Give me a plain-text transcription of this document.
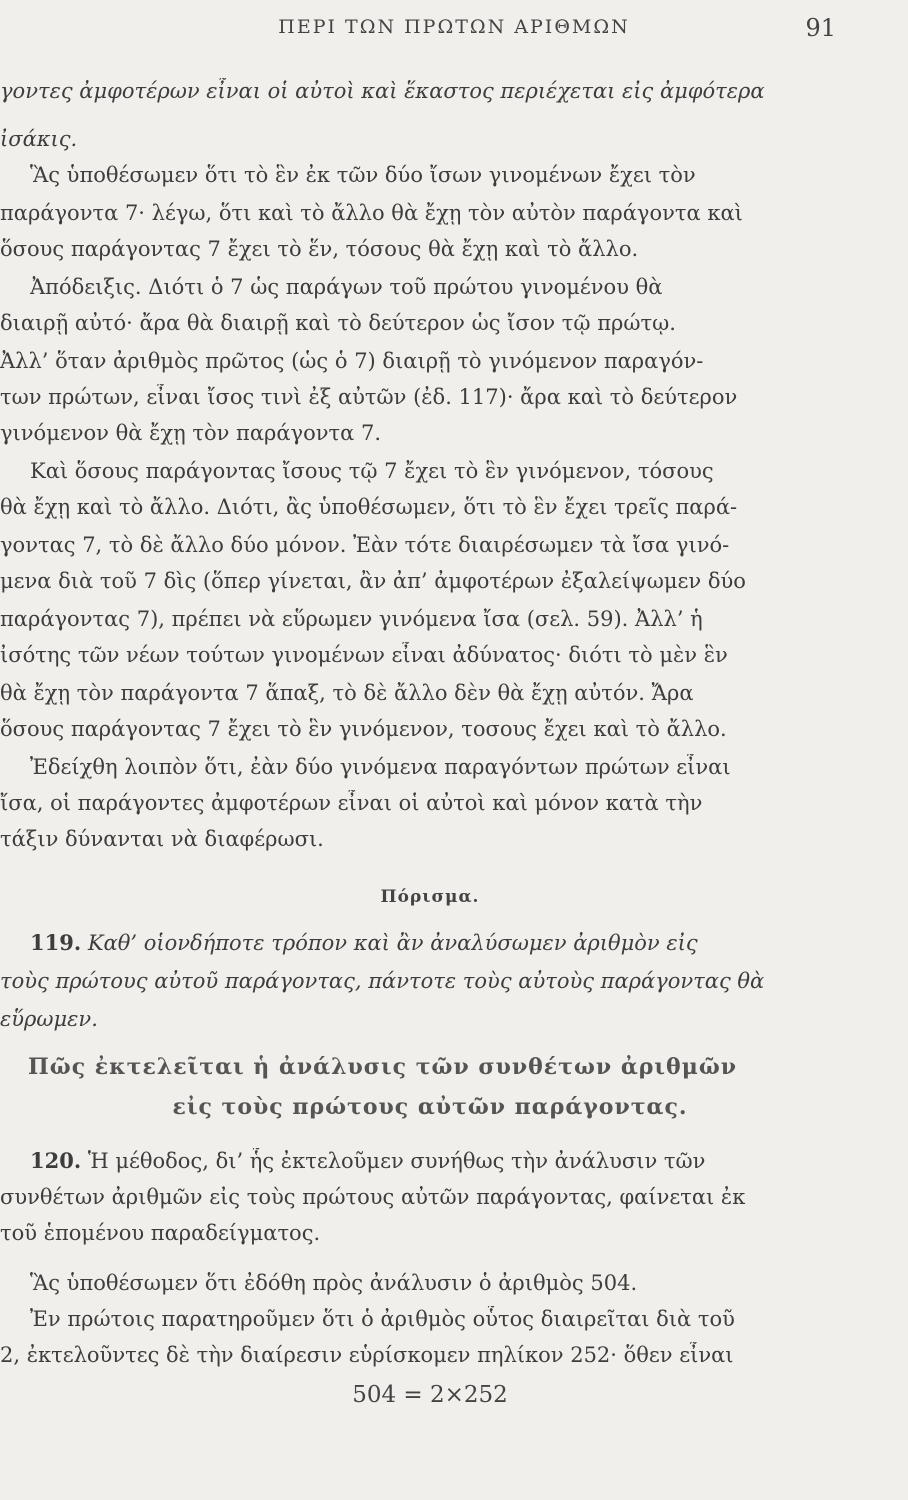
ΠΕΡΙ ΤΩΝ ΠΡΩΤΩΝ ΑΡΙΘΜΩΝ	91
γοντες ἀμφοτέρων εἶναι οἱ αὐτοὶ καὶ ἕκαστος περιέχεται εἰς ἀμφότερα
ἰσάκις.
Ἃς ὑποθέσωμεν ὅτι τὸ ἓν ἐκ τῶν δύο ἴσων γινομένων ἔχει τὸν
παράγοντα 7· λέγω, ὅτι καὶ τὸ ἄλλο θὰ ἔχῃ τὸν αὐτὸν παράγοντα καὶ
ὅσους παράγοντας 7 ἔχει τὸ ἕν, τόσους θὰ ἔχῃ καὶ τὸ ἄλλο.
Ἀπόδειξις. Διότι ὁ 7 ὡς παράγων τοῦ πρώτου γινομένου θὰ
διαιρῇ αὐτό· ἄρα θὰ διαιρῇ καὶ τὸ δεύτερον ὡς ἴσον τῷ πρώτῳ.
Ἀλλ’ ὅταν ἀριθμὸς πρῶτος (ὡς ὁ 7) διαιρῇ τὸ γινόμενον παραγόν-
των πρώτων, εἶναι ἴσος τινὶ ἐξ αὐτῶν (ἐδ. 117)· ἄρα καὶ τὸ δεύτερον
γινόμενον θὰ ἔχῃ τὸν παράγοντα 7.
Καὶ ὅσους παράγοντας ἴσους τῷ 7 ἔχει τὸ ἓν γινόμενον, τόσους
θὰ ἔχῃ καὶ τὸ ἄλλο. Διότι, ἂς ὑποθέσωμεν, ὅτι τὸ ἓν ἔχει τρεῖς παρά-
γοντας 7, τὸ δὲ ἄλλο δύο μόνον. Ἐὰν τότε διαιρέσωμεν τὰ ἴσα γινό-
μενα διὰ τοῦ 7 δὶς (ὅπερ γίνεται, ἂν ἀπ’ ἀμφοτέρων ἐξαλείψωμεν δύο
παράγοντας 7), πρέπει νὰ εὕρωμεν γινόμενα ἴσα (σελ. 59). Ἀλλ’ ἡ
ἰσότης τῶν νέων τούτων γινομένων εἶναι ἀδύνατος· διότι τὸ μὲν ἓν
θὰ ἔχῃ τὸν παράγοντα 7 ἅπαξ, τὸ δὲ ἄλλο δὲν θὰ ἔχῃ αὐτόν. Ἄρα
ὅσους παράγοντας 7 ἔχει τὸ ἓν γινόμενον, τοσους ἔχει καὶ τὸ ἄλλο.
Ἐδείχθη λοιπὸν ὅτι, ἐὰν δύο γινόμενα παραγόντων πρώτων εἶναι
ἴσα, οἱ παράγοντες ἀμφοτέρων εἶναι οἱ αὐτοὶ καὶ μόνον κατὰ τὴν
τάξιν δύνανται νὰ διαφέρωσι.
Πόρισμα.
119. Καθ’ οἱονδήποτε τρόπον καὶ ἂν ἀναλύσωμεν ἀριθμὸν εἰς
τοὺς πρώτους αὐτοῦ παράγοντας, πάντοτε τοὺς αὐτοὺς παράγοντας θὰ
εὕρωμεν.
Πῶς ἐκτελεῖται ἡ ἀνάλυσις τῶν συνθέτων ἀριθμῶν
εἰς τοὺς πρώτους αὐτῶν παράγοντας.
120. Ἡ μέθοδος, δι’ ἧς ἐκτελοῦμεν συνήθως τὴν ἀνάλυσιν τῶν
συνθέτων ἀριθμῶν εἰς τοὺς πρώτους αὐτῶν παράγοντας, φαίνεται ἐκ
τοῦ ἑπομένου παραδείγματος.
Ἃς ὑποθέσωμεν ὅτι ἐδόθη πρὸς ἀνάλυσιν ὁ ἀριθμὸς 504.
Ἐν πρώτοις παρατηροῦμεν ὅτι ὁ ἀριθμὸς οὗτος διαιρεῖται διὰ τοῦ
2, ἐκτελοῦντες δὲ τὴν διαίρεσιν εὑρίσκομεν πηλίκον 252· ὅθεν εἶναι
504 = 2×252
